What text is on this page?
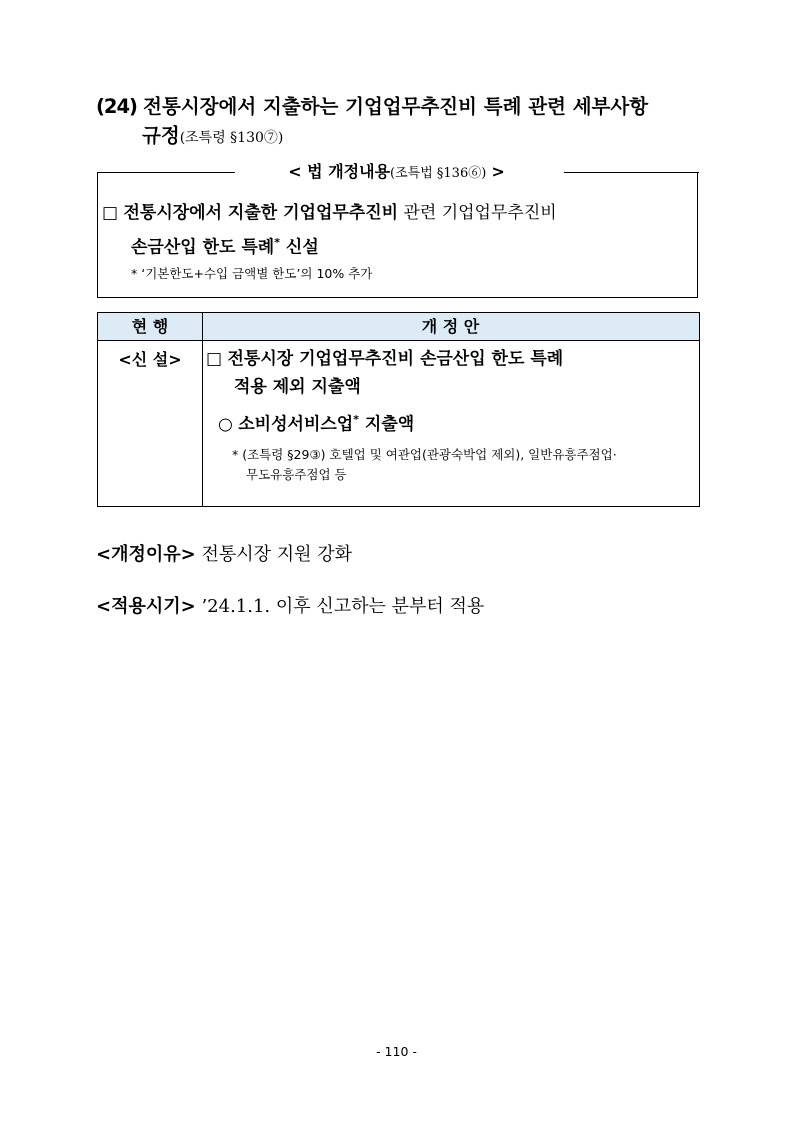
(24) 전통시장에서 지출하는 기업업무추진비 특례 관련 세부사항
규정(조특령 §130⑦)
□ 전통시장에서 지출한 기업업무추진비 관련 기업업무추진비
손금산입 한도 특례* 신설
* ‘기본한도+수입 금액별 한도’의 10% 추가
< 법 개정내용(조특법 §136⑥) >
현 행	개 정 안
<신 설>	□ 전통시장 기업업무추진비 손금산입 한도 특례
적용 제외 지출액
○ 소비성서비스업* 지출액
* (조특령 §29③) 호텔업 및 여관업(관광숙박업 제외), 일반유흥주점업·
무도유흥주점업 등
<개정이유> 전통시장 지원 강화
<적용시기> ’24.1.1. 이후 신고하는 분부터 적용
- 110 -
